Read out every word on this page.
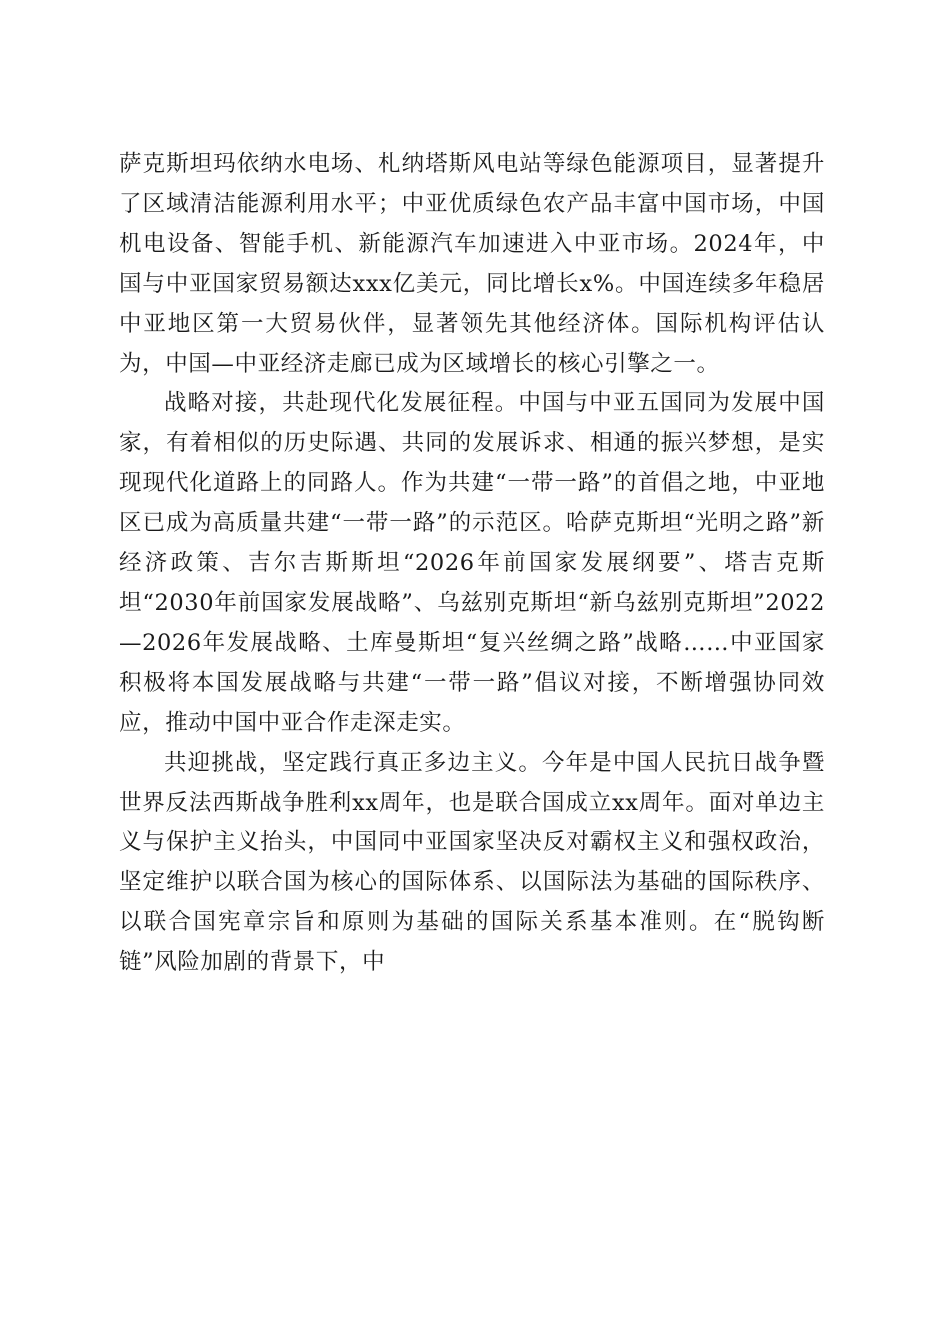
萨克斯坦玛依纳水电场、札纳塔斯风电站等绿色能源项目，显著提升了区域清洁能源利用水平；中亚优质绿色农产品丰富中国市场，中国机电设备、智能手机、新能源汽车加速进入中亚市场。2024年，中国与中亚国家贸易额达xxx亿美元，同比增长x%。中国连续多年稳居中亚地区第一大贸易伙伴，显著领先其他经济体。国际机构评估认为，中国—中亚经济走廊已成为区域增长的核心引擎之一。

战略对接，共赴现代化发展征程。中国与中亚五国同为发展中国家，有着相似的历史际遇、共同的发展诉求、相通的振兴梦想，是实现现代化道路上的同路人。作为共建“一带一路”的首倡之地，中亚地区已成为高质量共建“一带一路”的示范区。哈萨克斯坦“光明之路”新经济政策、吉尔吉斯斯坦“2026年前国家发展纲要”、塔吉克斯坦“2030年前国家发展战略”、乌兹别克斯坦“新乌兹别克斯坦”2022—2026年发展战略、土库曼斯坦“复兴丝绸之路”战略……中亚国家积极将本国发展战略与共建“一带一路”倡议对接，不断增强协同效应，推动中国中亚合作走深走实。

共迎挑战，坚定践行真正多边主义。今年是中国人民抗日战争暨世界反法西斯战争胜利xx周年，也是联合国成立xx周年。面对单边主义与保护主义抬头，中国同中亚国家坚决反对霸权主义和强权政治，坚定维护以联合国为核心的国际体系、以国际法为基础的国际秩序、以联合国宪章宗旨和原则为基础的国际关系基本准则。在“脱钩断链”风险加剧的背景下，中
